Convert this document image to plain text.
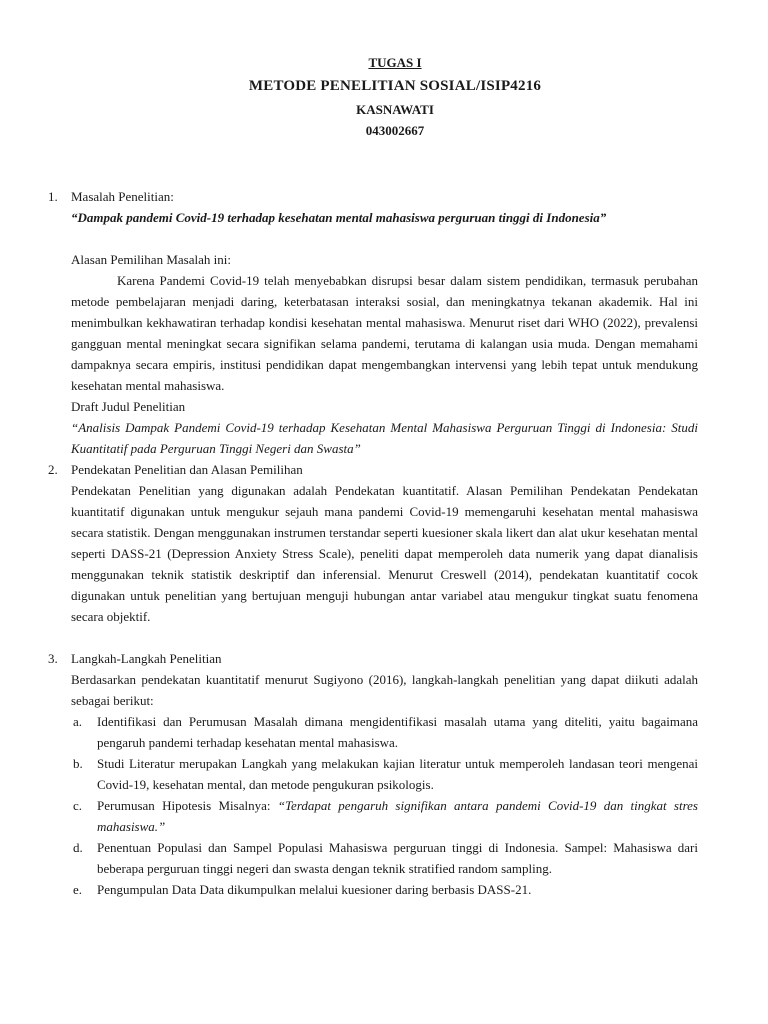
TUGAS I
METODE PENELITIAN SOSIAL/ISIP4216
KASNAWATI
043002667
1. Masalah Penelitian:

“Dampak pandemi Covid-19 terhadap kesehatan mental mahasiswa perguruan tinggi di Indonesia”

Alasan Pemilihan Masalah ini:

Karena Pandemi Covid-19 telah menyebabkan disrupsi besar dalam sistem pendidikan, termasuk perubahan metode pembelajaran menjadi daring, keterbatasan interaksi sosial, dan meningkatnya tekanan akademik. Hal ini menimbulkan kekhawatiran terhadap kondisi kesehatan mental mahasiswa. Menurut riset dari WHO (2022), prevalensi gangguan mental meningkat secara signifikan selama pandemi, terutama di kalangan usia muda. Dengan memahami dampaknya secara empiris, institusi pendidikan dapat mengembangkan intervensi yang lebih tepat untuk mendukung kesehatan mental mahasiswa.

Draft Judul Penelitian

“Analisis Dampak Pandemi Covid-19 terhadap Kesehatan Mental Mahasiswa Perguruan Tinggi di Indonesia: Studi Kuantitatif pada Perguruan Tinggi Negeri dan Swasta”

2. Pendekatan Penelitian dan Alasan Pemilihan

Pendekatan Penelitian yang digunakan adalah Pendekatan kuantitatif. Alasan Pemilihan Pendekatan Pendekatan kuantitatif digunakan untuk mengukur sejauh mana pandemi Covid-19 memengaruhi kesehatan mental mahasiswa secara statistik. Dengan menggunakan instrumen terstandar seperti kuesioner skala likert dan alat ukur kesehatan mental seperti DASS-21 (Depression Anxiety Stress Scale), peneliti dapat memperoleh data numerik yang dapat dianalisis menggunakan teknik statistik deskriptif dan inferensial. Menurut Creswell (2014), pendekatan kuantitatif cocok digunakan untuk penelitian yang bertujuan menguji hubungan antar variabel atau mengukur tingkat suatu fenomena secara objektif.

3. Langkah-Langkah Penelitian

Berdasarkan pendekatan kuantitatif menurut Sugiyono (2016), langkah-langkah penelitian yang dapat diikuti adalah sebagai berikut:

a. Identifikasi dan Perumusan Masalah dimana mengidentifikasi masalah utama yang diteliti, yaitu bagaimana pengaruh pandemi terhadap kesehatan mental mahasiswa.

b. Studi Literatur merupakan Langkah yang melakukan kajian literatur untuk memperoleh landasan teori mengenai Covid-19, kesehatan mental, dan metode pengukuran psikologis.

c. Perumusan Hipotesis Misalnya: “Terdapat pengaruh signifikan antara pandemi Covid-19 dan tingkat stres mahasiswa.”

d. Penentuan Populasi dan Sampel Populasi Mahasiswa perguruan tinggi di Indonesia. Sampel: Mahasiswa dari beberapa perguruan tinggi negeri dan swasta dengan teknik stratified random sampling.

e. Pengumpulan Data Data dikumpulkan melalui kuesioner daring berbasis DASS-21.
